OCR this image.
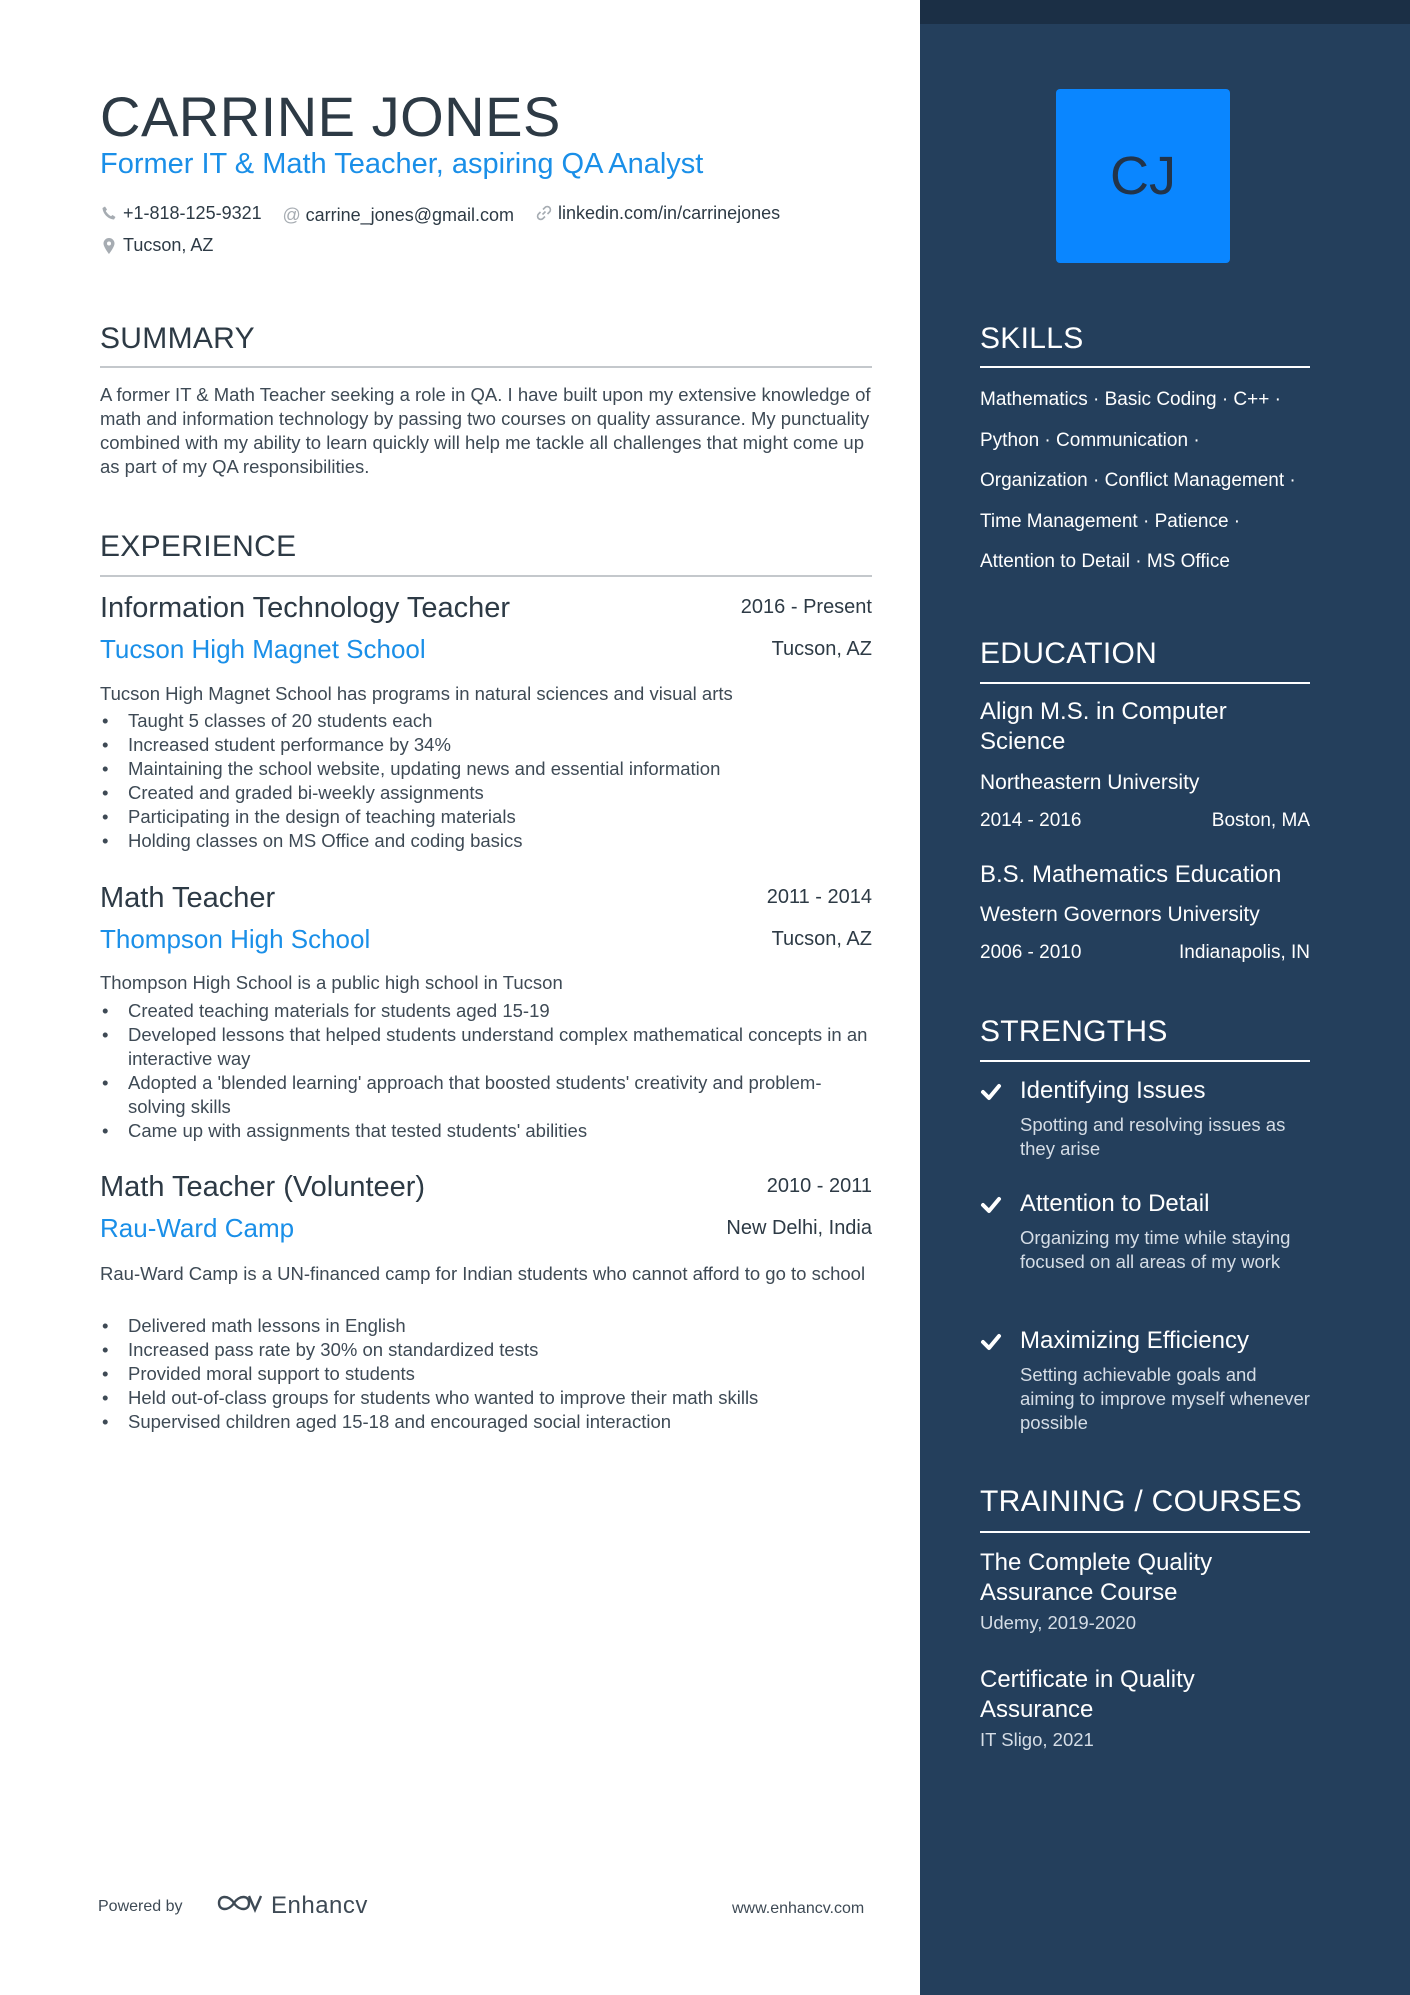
CARRINE JONES
Former IT & Math Teacher, aspiring QA Analyst
+1-818-125-9321
@ carrine_jones@gmail.com
linkedin.com/in/carrinejones

Tucson, AZ
SUMMARY
A former IT & Math Teacher seeking a role in QA. I have built upon my extensive knowledge of math and information technology by passing two courses on quality assurance. My punctuality combined with my ability to learn quickly will help me tackle all challenges that might come up as part of my QA responsibilities.
EXPERIENCE
Information Technology Teacher	2016 - Present
Tucson High Magnet School	Tucson, AZ
Tucson High Magnet School has programs in natural sciences and visual arts
• Taught 5 classes of 20 students each
• Increased student performance by 34%
• Maintaining the school website, updating news and essential information
• Created and graded bi-weekly assignments
• Participating in the design of teaching materials
• Holding classes on MS Office and coding basics
Math Teacher	2011 - 2014
Thompson High School	Tucson, AZ
Thompson High School is a public high school in Tucson
• Created teaching materials for students aged 15-19
• Developed lessons that helped students understand complex mathematical concepts in an interactive way
• Adopted a 'blended learning' approach that boosted students' creativity and problem-solving skills
• Came up with assignments that tested students' abilities
Math Teacher (Volunteer)	2010 - 2011
Rau-Ward Camp	New Delhi, India
Rau-Ward Camp is a UN-financed camp for Indian students who cannot afford to go to school
• Delivered math lessons in English
• Increased pass rate by 30% on standardized tests
• Provided moral support to students
• Held out-of-class groups for students who wanted to improve their math skills
• Supervised children aged 15-18 and encouraged social interaction
Powered by	Enhancv	www.enhancv.com
CJ
SKILLS
Mathematics · Basic Coding · C++ ·
Python · Communication ·
Organization · Conflict Management ·
Time Management · Patience ·
Attention to Detail · MS Office
EDUCATION
Align M.S. in Computer Science
Northeastern University
2014 - 2016	Boston, MA
B.S. Mathematics Education
Western Governors University
2006 - 2010	Indianapolis, IN
STRENGTHS
Identifying Issues
Spotting and resolving issues as they arise
Attention to Detail
Organizing my time while staying focused on all areas of my work
Maximizing Efficiency
Setting achievable goals and aiming to improve myself whenever possible
TRAINING / COURSES
The Complete Quality Assurance Course
Udemy, 2019-2020
Certificate in Quality Assurance
IT Sligo, 2021
